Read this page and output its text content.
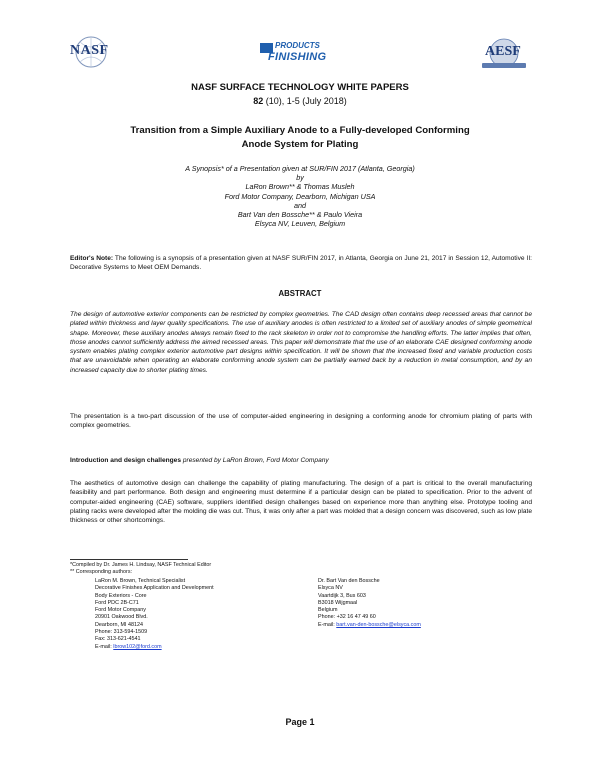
NASF	PRODUCTS
FINISHING	AESF
NASF SURFACE TECHNOLOGY WHITE PAPERS
82 (10), 1-5 (July 2018)
Transition from a Simple Auxiliary Anode to a Fully-developed Conforming
Anode System for Plating
A Synopsis* of a Presentation given at SUR/FIN 2017 (Atlanta, Georgia)
by
LaRon Brown** & Thomas Musleh
Ford Motor Company, Dearborn, Michigan USA
and
Bart Van den Bossche** & Paulo Vieira
Elsyca NV, Leuven, Belgium

Editor's Note: The following is a synopsis of a presentation given at NASF SUR/FIN 2017, in Atlanta, Georgia on June 21, 2017 in Session 12, Automotive II: Decorative Systems to Meet OEM Demands.

ABSTRACT

The design of automotive exterior components can be restricted by complex geometries. The CAD design often contains deep recessed areas that cannot be plated within thickness and layer quality specifications. The use of auxiliary anodes is often restricted to a limited set of auxiliary anodes of simple geometrical shape. Moreover, these auxiliary anodes always remain fixed to the rack skeleton in order not to compromise the handling efforts. The latter implies that often, those anodes cannot sufficiently address the aimed recessed areas. This paper will demonstrate that the use of an elaborate CAE designed conforming anode system enables plating complex exterior automotive part designs within specification. It will be shown that the increased fixed and variable production costs that are unavoidable when operating an elaborate conforming anode system can be partially earned back by a reduction in metal consumption, and by an increased capacity due to shorter plating times.

The presentation is a two-part discussion of the use of computer-aided engineering in designing a conforming anode for chromium plating of parts with complex geometries.

Introduction and design challenges presented by LaRon Brown, Ford Motor Company

The aesthetics of automotive design can challenge the capability of plating manufacturing. The design of a part is critical to the overall manufacturing feasibility and part performance. Both design and engineering must determine if a particular design can be plated to specification. Prior to the advent of computer-aided engineering (CAE) software, suppliers identified design challenges based on experience more than anything else. Prototype tooling and plating racks were developed after the molding die was cut. Thus, it was only after a part was molded that a design concern was discovered, such as low plate thickness or other shortcomings.

*Compiled by Dr. James H. Lindsay, NASF Technical Editor
** Corresponding authors:
LaRon M. Brown, Technical Specialist
Decorative Finishes Application and Development
Body Exteriors - Core
Ford PDC 2B-C71
Ford Motor Company
20901 Oakwood Blvd.
Dearborn, MI 48124
Phone: 313-594-1509
Fax: 313-621-4541
E-mail: lbrow102@ford.com
Dr. Bart Van den Bossche
Elsyca NV
Vaartdijk 3, Bus 603
B3018 Wijgmaal
Belgium
Phone: +32 16 47 49 60
E-mail: bart.van-den-bossche@elsyca.com
Page 1
